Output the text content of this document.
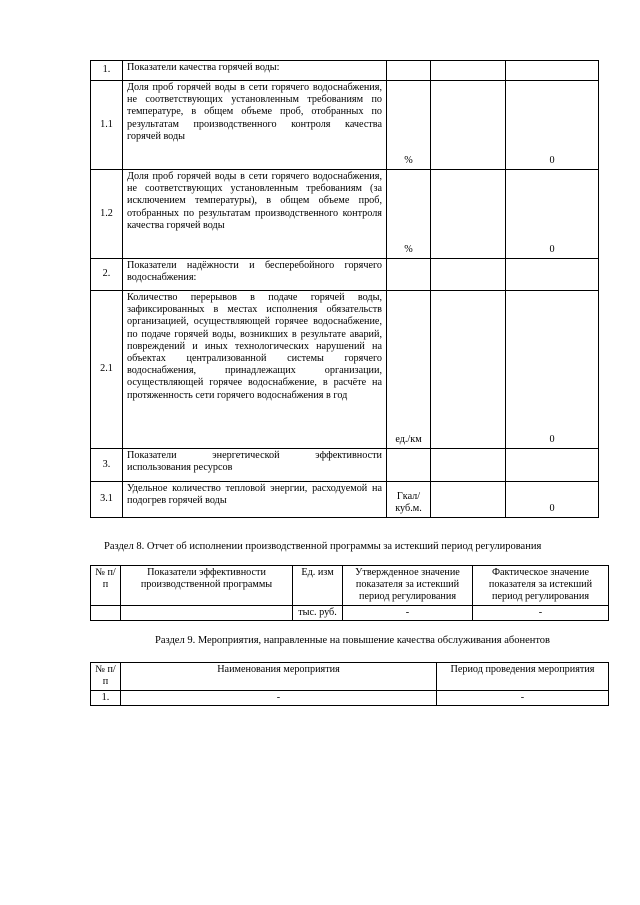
1.	Показатели качества горячей воды:			
1.1	Доля проб горячей воды в сети горячего водоснабжения, не соответствующих установленным требованиям по температуре, в общем объеме проб, отобранных по результатам производственного контроля качества горячей воды	%		0
1.2	Доля проб горячей воды в сети горячего водоснабжения, не соответствующих установленным требованиям (за исключением температуры), в общем объеме проб, отобранных по результатам производственного контроля качества горячей воды	%		0
2.	Показатели надёжности и бесперебойного горячего водоснабжения:			
2.1	Количество перерывов в подаче горячей воды, зафиксированных в местах исполнения обязательств организацией, осуществляющей горячее водоснабжение, по подаче горячей воды, возникших в результате аварий, повреждений и иных технологических нарушений на объектах централизованной системы горячего водоснабжения, принадлежащих организации, осуществляющей горячее водоснабжение, в расчёте на протяженность сети горячего водоснабжения в год	ед./км		0
3.	Показатели энергетической эффективности использования ресурсов			
3.1	Удельное количество тепловой энергии, расходуемой на подогрев горячей воды	Гкал/ куб.м.		0
Раздел 8. Отчет об исполнении производственной программы за истекший период регулирования
№ п/п	Показатели эффективности производственной программы	Ед. изм	Утвержденное значение показателя за истекший период регулирования	Фактическое значение показателя за истекший период регулирования
		тыс. руб.	-	-
Раздел 9. Мероприятия, направленные на повышение качества обслуживания абонентов
№ п/п	Наименования мероприятия	Период проведения мероприятия
1.	-	-
